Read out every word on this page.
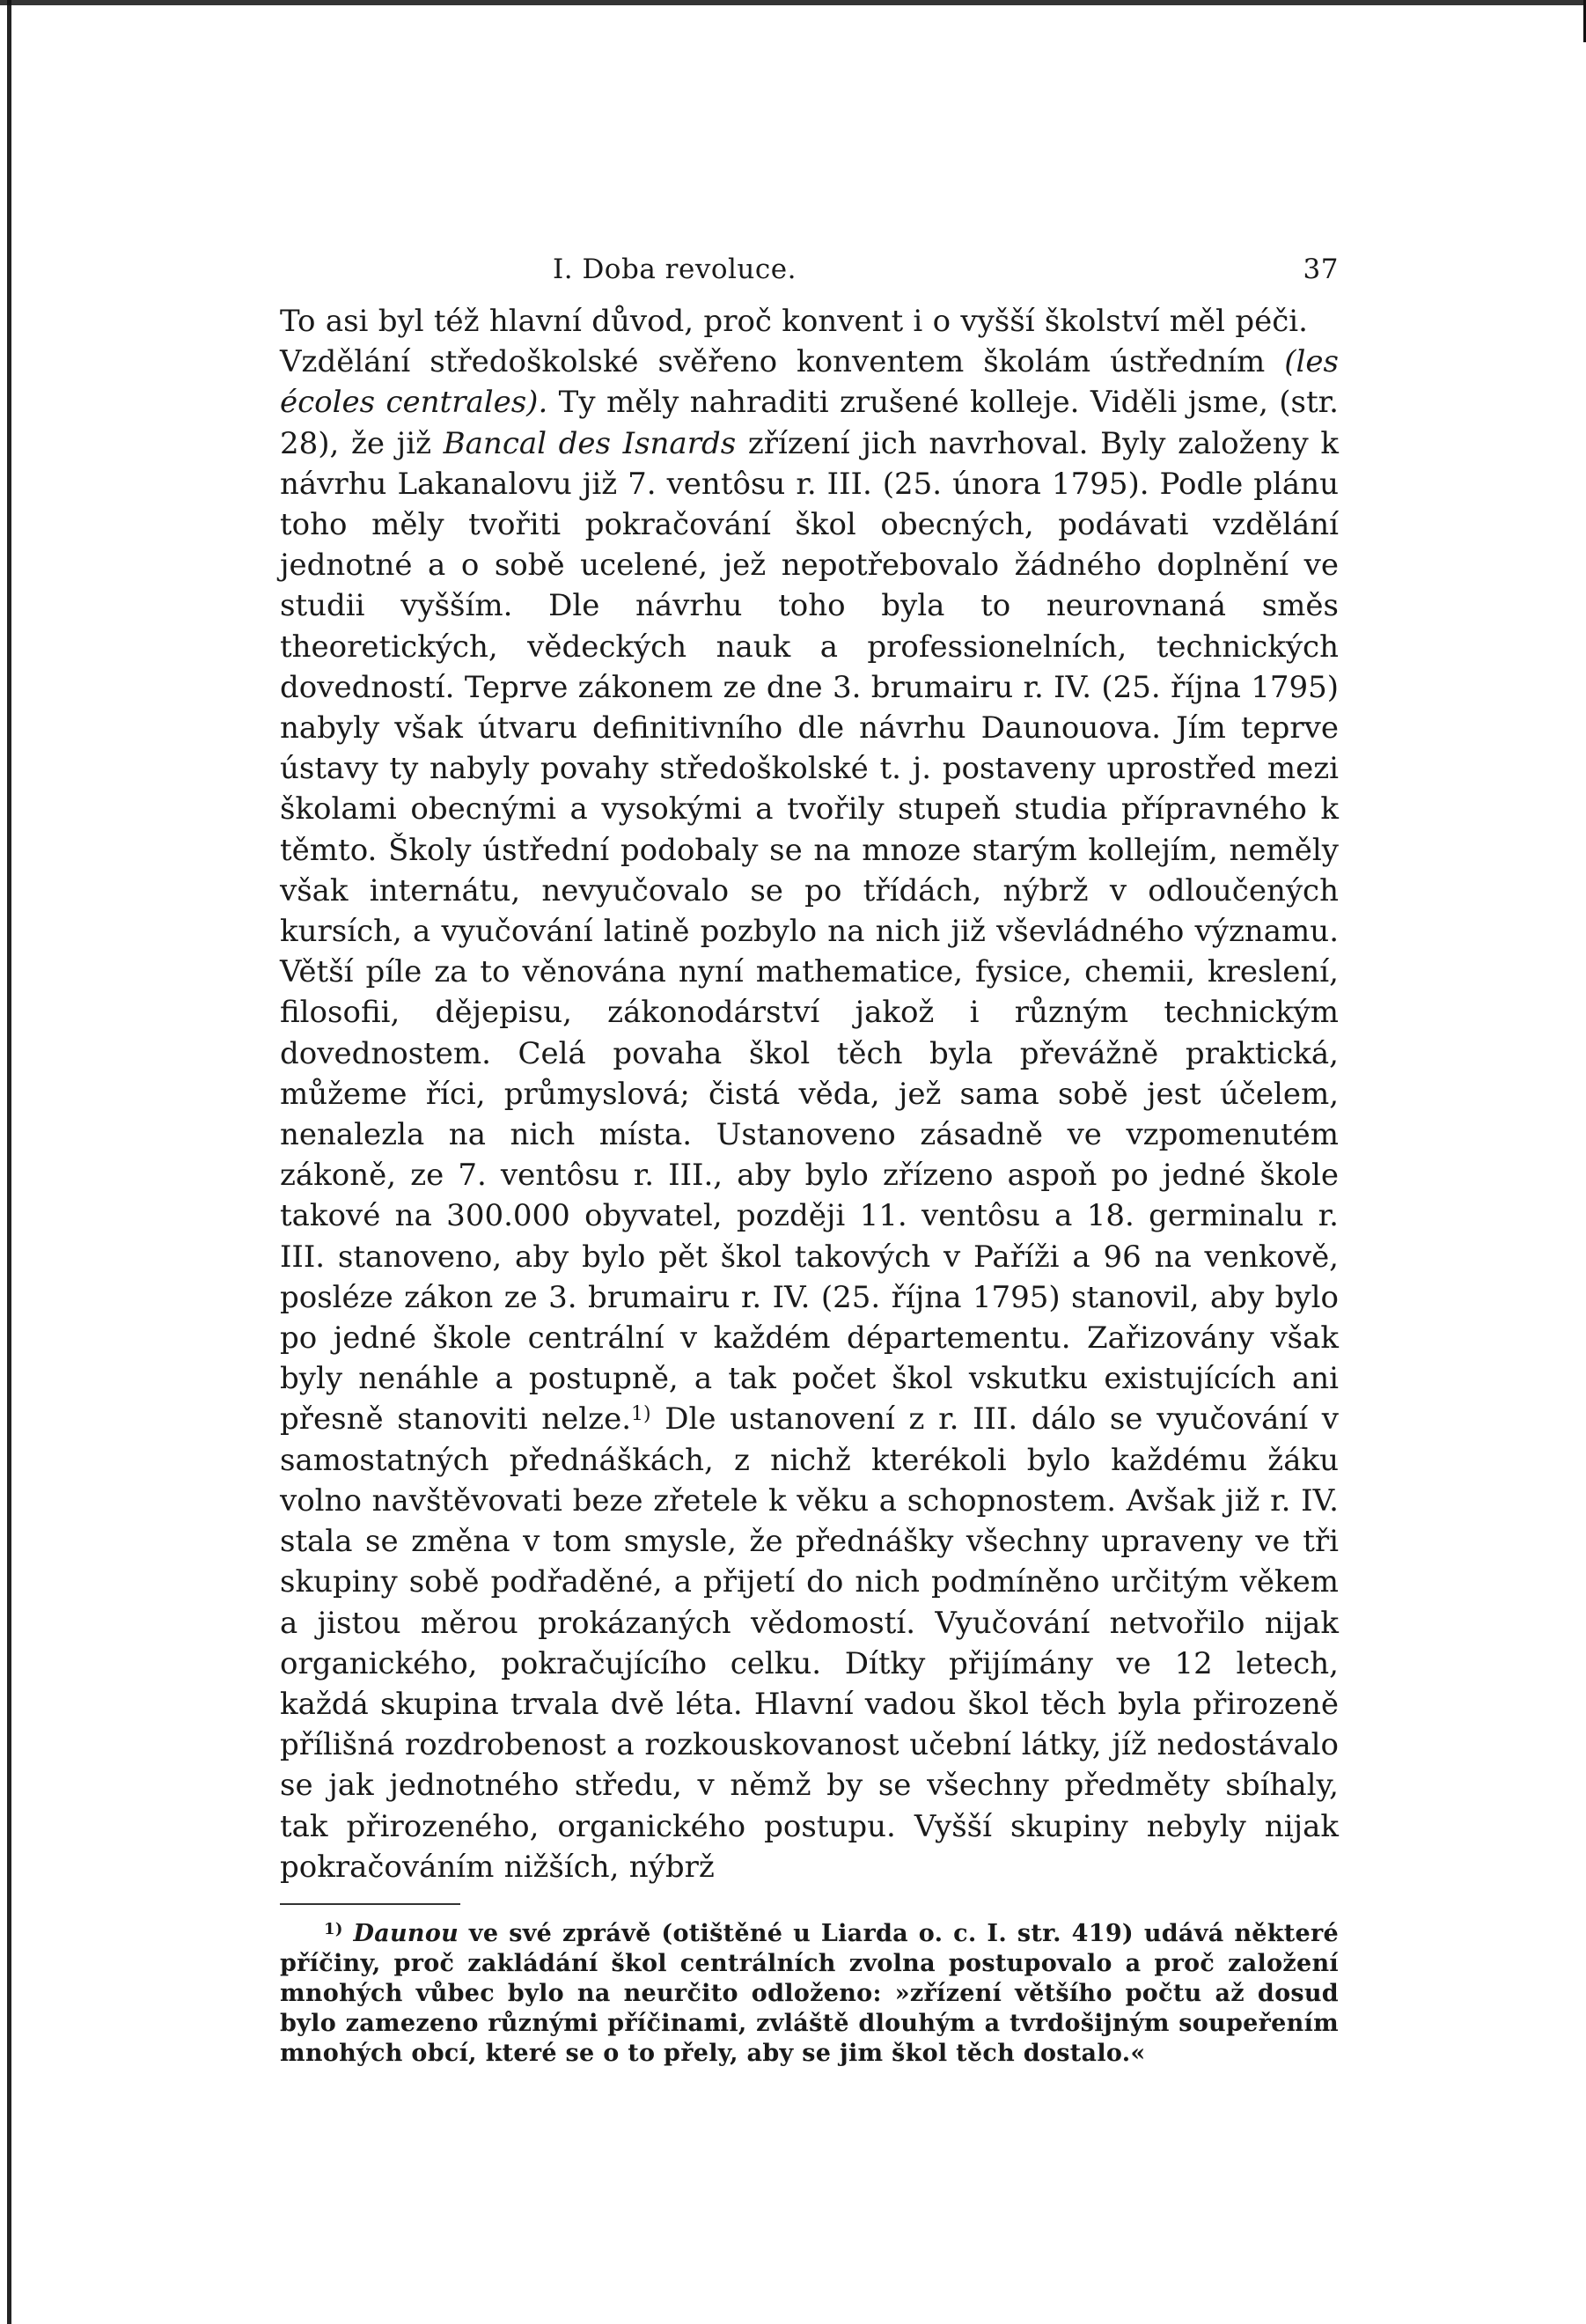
I. Doba revoluce.	37

To asi byl též hlavní důvod, proč konvent i o vyšší školství měl péči.

Vzdělání středoškolské svěřeno konventem školám ústředním (les écoles centrales). Ty měly nahraditi zrušené kolleje. Viděli jsme, (str. 28), že již Bancal des Isnards zřízení jich navrhoval. Byly založeny k návrhu Lakanalovu již 7. ventôsu r. III. (25. února 1795). Podle plánu toho měly tvořiti pokračování škol obecných, podávati vzdělání jednotné a o sobě ucelené, jež nepotřebovalo žádného doplnění ve studii vyšším. Dle návrhu toho byla to neurovnaná směs theoretických, vědeckých nauk a professionelních, technických dovedností. Teprve zákonem ze dne 3. brumairu r. IV. (25. října 1795) nabyly však útvaru definitivního dle návrhu Daunouova. Jím teprve ústavy ty nabyly povahy středoškolské t. j. postaveny uprostřed mezi školami obecnými a vysokými a tvořily stupeň studia přípravného k těmto. Školy ústřední podobaly se na mnoze starým kollejím, neměly však internátu, nevyučovalo se po třídách, nýbrž v odloučených kursích, a vyučování latině pozbylo na nich již vševládného významu. Větší píle za to věnována nyní mathematice, fysice, chemii, kreslení, filosofii, dějepisu, zákonodárství jakož i různým technickým dovednostem. Celá povaha škol těch byla převážně praktická, můžeme říci, průmyslová; čistá věda, jež sama sobě jest účelem, nenalezla na nich místa. Ustanoveno zásadně ve vzpomenutém zákoně, ze 7. ventôsu r. III., aby bylo zřízeno aspoň po jedné škole takové na 300.000 obyvatel, později 11. ventôsu a 18. germinalu r. III. stanoveno, aby bylo pět škol takových v Paříži a 96 na venkově, posléze zákon ze 3. brumairu r. IV. (25. října 1795) stanovil, aby bylo po jedné škole centrální v každém départementu. Zařizovány však byly nenáhle a postupně, a tak počet škol vskutku existujících ani přesně stanoviti nelze.$^{1)}$ Dle ustanovení z r. III. dálo se vyučování v samostatných přednáškách, z nichž kterékoli bylo každému žáku volno navštěvovati beze zřetele k věku a schopnostem. Avšak již r. IV. stala se změna v tom smysle, že přednášky všechny upraveny ve tři skupiny sobě podřaděné, a přijetí do nich podmíněno určitým věkem a jistou měrou prokázaných vědomostí. Vyučování netvořilo nijak organického, pokračujícího celku. Dítky přijímány ve 12 letech, každá skupina trvala dvě léta. Hlavní vadou škol těch byla přirozeně přílišná rozdrobenost a rozkouskovanost učební látky, jíž nedostávalo se jak jednotného středu, v němž by se všechny předměty sbíhaly, tak přirozeného, organického postupu. Vyšší skupiny nebyly nijak pokračováním nižších, nýbrž

$^{1)}$ Daunou ve své zprávě (otištěné u Liarda o. c. I. str. 419) udává některé příčiny, proč zakládání škol centrálních zvolna postupovalo a proč založení mnohých vůbec bylo na neurčito odloženo: »zřízení většího počtu až dosud bylo zamezeno různými příčinami, zvláště dlouhým a tvrdošijným soupeřením mnohých obcí, které se o to přely, aby se jim škol těch dostalo.«
